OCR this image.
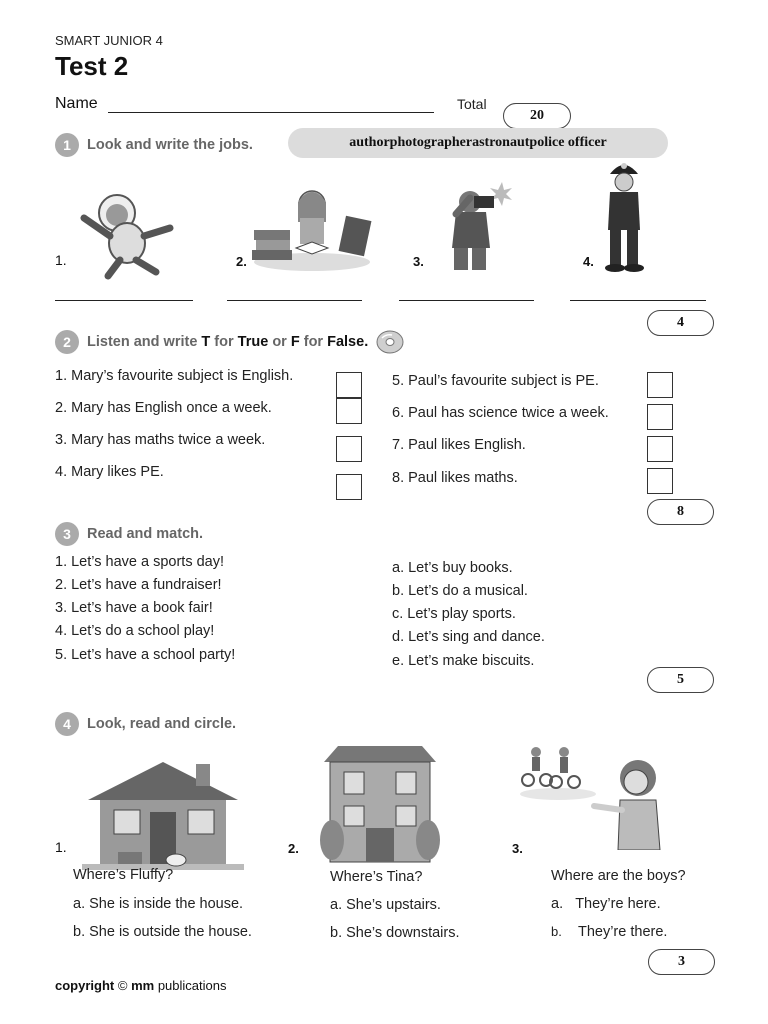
SMART JUNIOR 4
Test 2
Name	Total
20
1	Look and write the jobs.	author photographer astronaut police officer
1.	2.	3.	4.
4
2	Listen and write T for True or F for False.
1. Mary’s favourite subject is English.
2. Mary has English once a week.
3. Mary has maths twice a week.
4. Mary likes PE.
5. Paul’s favourite subject is PE.
6. Paul has science twice a week.
7. Paul likes English.
8. Paul likes maths.
8
3	Read and match.
1. Let’s have a sports day!
2. Let’s have a fundraiser!
3. Let’s have a book fair!
4. Let’s do a school play!
5. Let’s have a school party!
a. Let’s buy books.
b. Let’s do a musical.
c. Let’s play sports.
d. Let’s sing and dance.
e. Let’s make biscuits.
5
4	Look, read and circle.
1.	2.	3.
Where’s Fluffy?
a. She is inside the house.
b. She is outside the house.
Where’s Tina?
a. She’s upstairs.
b. She’s downstairs.
Where are the boys?
a. They’re here.
b. They’re there.
3
copyright © mm publications
